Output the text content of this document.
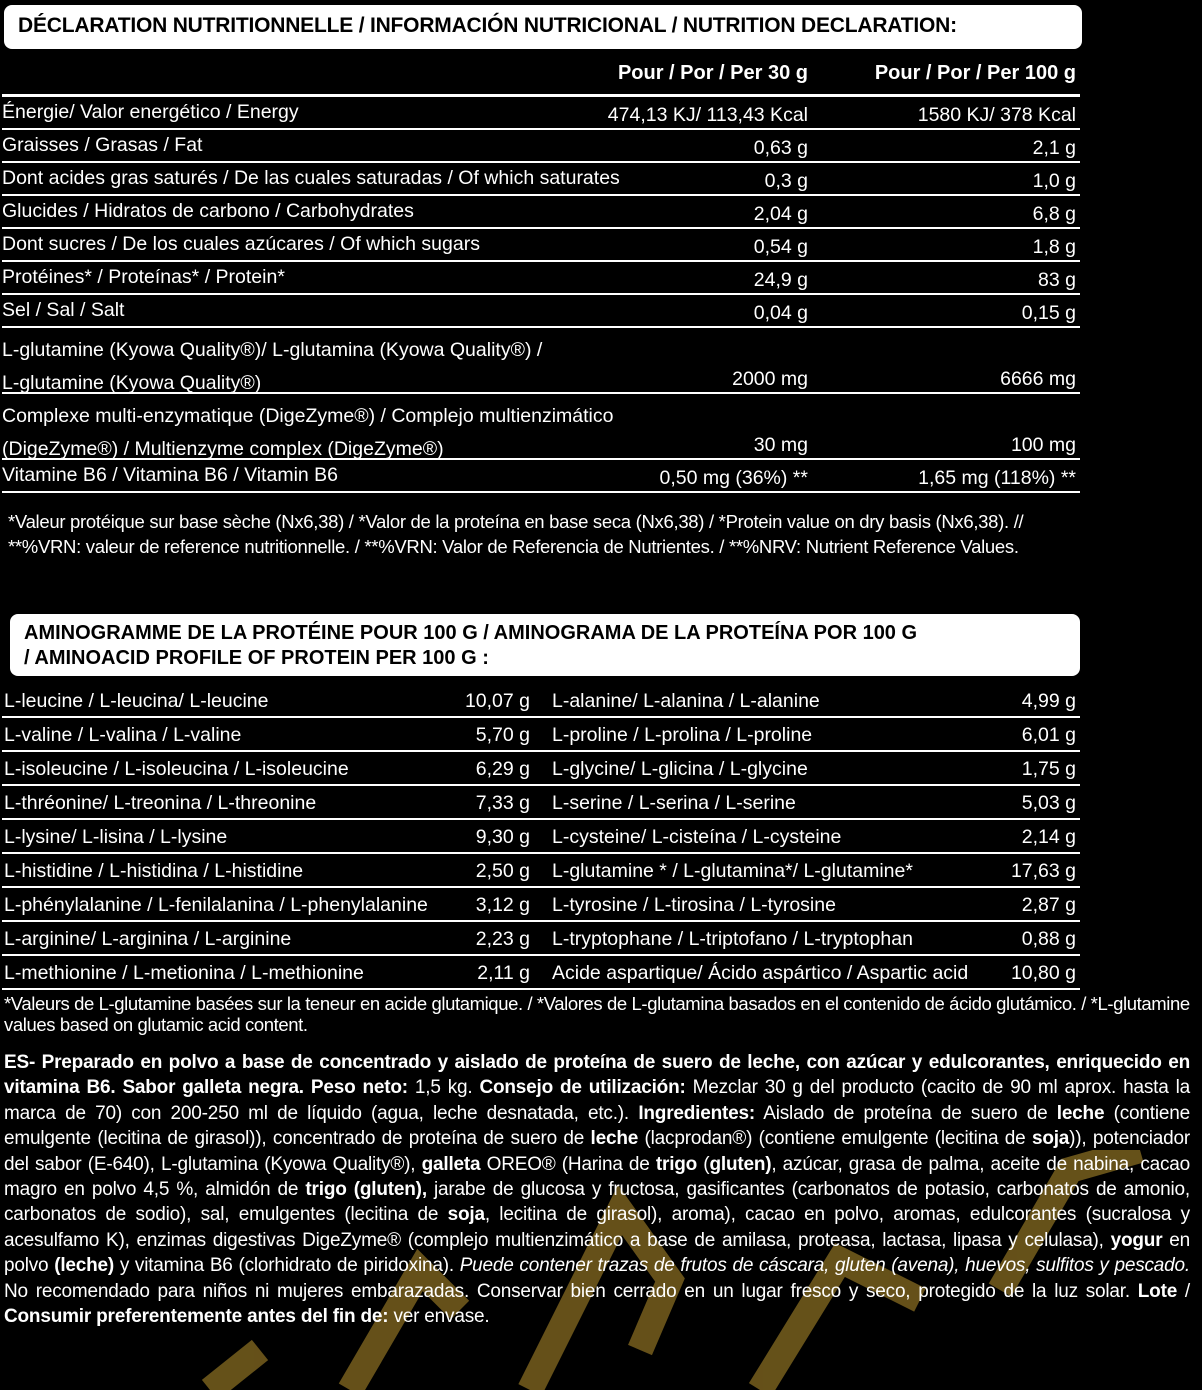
DÉCLARATION NUTRITIONNELLE / INFORMACIÓN NUTRICIONAL / NUTRITION DECLARATION:
Pour / Por / Per 30 g	Pour / Por / Per 100 g
Énergie/ Valor energético / Energy	474,13 KJ/ 113,43 Kcal	1580 KJ/ 378 Kcal
Graisses / Grasas / Fat	0,63 g	2,1 g
Dont acides gras saturés / De las cuales saturadas / Of which saturates	0,3 g	1,0 g
Glucides / Hidratos de carbono / Carbohydrates	2,04 g	6,8 g
Dont sucres / De los cuales azúcares / Of which sugars	0,54 g	1,8 g
Protéines* / Proteínas* / Protein*	24,9 g	83 g
Sel / Sal / Salt	0,04 g	0,15 g
L-glutamine (Kyowa Quality®)/ L-glutamina (Kyowa Quality®) /
L-glutamine (Kyowa Quality®)	2000 mg	6666 mg
Complexe multi-enzymatique (DigeZyme®) / Complejo multienzimático
(DigeZyme®) / Multienzyme complex (DigeZyme®)	30 mg	100 mg
Vitamine B6 / Vitamina B6 / Vitamin B6	0,50 mg (36%) **	1,65 mg (118%) **
*Valeur protéique sur base sèche (Nx6,38) / *Valor de la proteína en base seca (Nx6,38) / *Protein value on dry basis (Nx6,38). // **%VRN: valeur de reference nutritionnelle. / **%VRN: Valor de Referencia de Nutrientes. / **%NRV: Nutrient Reference Values.
AMINOGRAMME DE LA PROTÉINE POUR 100 G / AMINOGRAMA DE LA PROTEÍNA POR 100 G
/ AMINOACID PROFILE OF PROTEIN PER 100 G :
L-leucine / L-leucina/ L-leucine	10,07 g L-alanine/ L-alanina / L-alanine	4,99 g
L-valine / L-valina / L-valine	5,70 g L-proline / L-prolina / L-proline	6,01 g
L-isoleucine / L-isoleucina / L-isoleucine	6,29 g L-glycine/ L-glicina / L-glycine	1,75 g
L-thréonine/ L-treonina / L-threonine	7,33 g L-serine / L-serina / L-serine	5,03 g
L-lysine/ L-lisina / L-lysine	9,30 g L-cysteine/ L-cisteína / L-cysteine	2,14 g
L-histidine / L-histidina / L-histidine	2,50 g L-glutamine * / L-glutamina*/ L-glutamine*	17,63 g
L-phénylalanine / L-fenilalanina / L-phenylalanine 3,12 g L-tyrosine / L-tirosina / L-tyrosine	2,87 g
L-arginine/ L-arginina / L-arginine	2,23 g L-tryptophane / L-triptofano / L-tryptophan	0,88 g
L-methionine / L-metionina / L-methionine	2,11 g Acide aspartique/ Ácido aspártico / Aspartic acid 10,80 g
*Valeurs de L-glutamine basées sur la teneur en acide glutamique. / *Valores de L-glutamina basados en el contenido de ácido glutámico. / *L-glutamine values based on glutamic acid content.
ES- Preparado en polvo a base de concentrado y aislado de proteína de suero de leche, con azúcar y edulcorantes, enriquecido en vitamina B6. Sabor galleta negra. Peso neto: 1,5 kg. Consejo de utilización: Mezclar 30 g del producto (cacito de 90 ml aprox. hasta la marca de 70) con 200-250 ml de líquido (agua, leche desnatada, etc.). Ingredientes: Aislado de proteína de suero de leche (contiene emulgente (lecitina de girasol)), concentrado de proteína de suero de leche (lacprodan®) (contiene emulgente (lecitina de soja)), potenciador del sabor (E-640), L-glutamina (Kyowa Quality®), galleta OREO® (Harina de trigo (gluten), azúcar, grasa de palma, aceite de nabina, cacao magro en polvo 4,5 %, almidón de trigo (gluten), jarabe de glucosa y fructosa, gasificantes (carbonatos de potasio, carbonatos de amonio, carbonatos de sodio), sal, emulgentes (lecitina de soja, lecitina de girasol), aroma), cacao en polvo, aromas, edulcorantes (sucralosa y acesulfamo K), enzimas digestivas DigeZyme® (complejo multienzimático a base de amilasa, proteasa, lactasa, lipasa y celulasa), yogur en polvo (leche) y vitamina B6 (clorhidrato de piridoxina). Puede contener trazas de frutos de cáscara, gluten (avena), huevos, sulfitos y pescado. No recomendado para niños ni mujeres embarazadas. Conservar bien cerrado en un lugar fresco y seco, protegido de la luz solar. Lote / Consumir preferentemente antes del fin de: ver envase.
